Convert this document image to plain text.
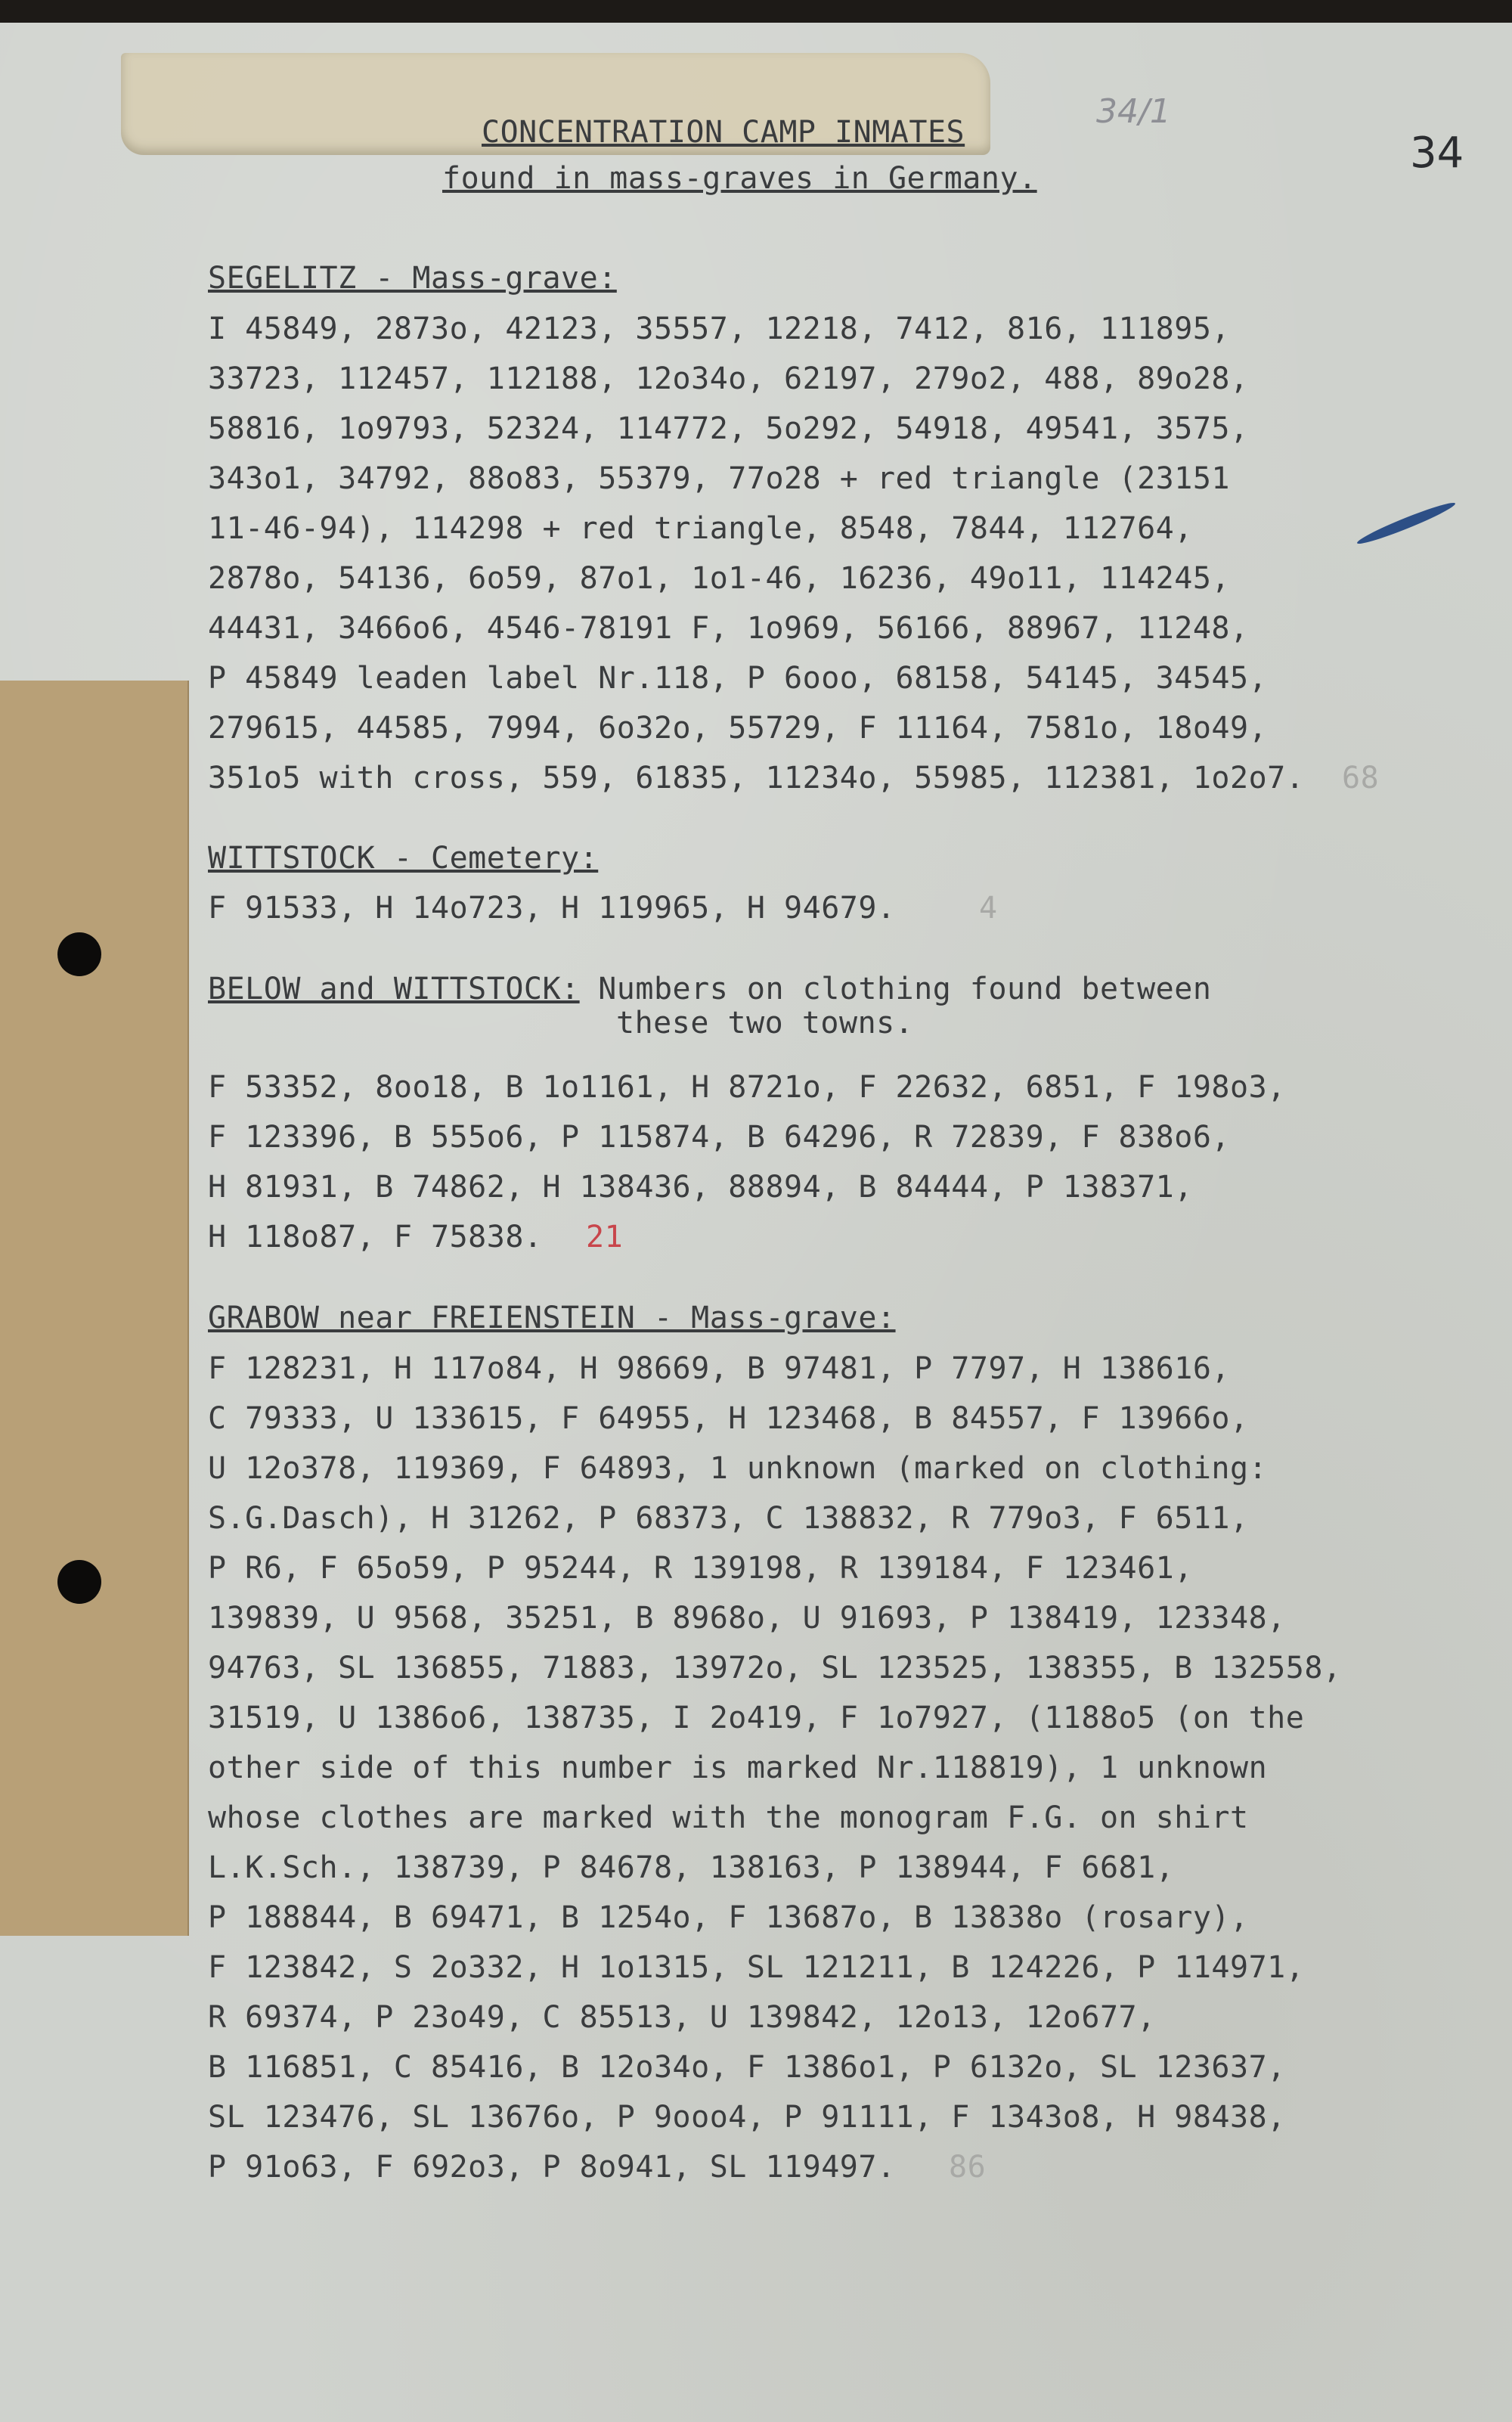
34/1
34

CONCENTRATION CAMP INMATES

found in mass-graves in Germany.

SEGELITZ - Mass-grave:

I 45849, 2873o, 42123, 35557, 12218, 7412, 816, 111895,

33723, 112457, 112188, 12o34o, 62197, 279o2, 488, 89o28,

58816, 1o9793, 52324, 114772, 5o292, 54918, 49541, 3575,

343o1, 34792, 88o83, 55379, 77o28 + red triangle (23151

11-46-94), 114298 + red triangle, 8548, 7844, 112764,

2878o, 54136, 6o59, 87o1, 1o1-46, 16236, 49o11, 114245,

44431, 3466o6, 4546-78191 F, 1o969, 56166, 88967, 11248,

P 45849 leaden label Nr.118, P 6ooo, 68158, 54145, 34545,

279615, 44585, 7994, 6o32o, 55729, F 11164, 7581o, 18o49,

351o5 with cross, 559, 61835, 11234o, 55985, 112381, 1o2o7.

68

WITTSTOCK - Cemetery:

F 91533, H 14o723, H 119965, H 94679.

	4

BELOW and WITTSTOCK: Numbers on clothing found between

these two towns.

F 53352, 8oo18, B 1o1161, H 8721o, F 22632, 6851, F 198o3,

F 123396, B 555o6, P 115874, B 64296, R 72839, F 838o6,

H 81931, B 74862, H 138436, 88894, B 84444, P 138371,

H 118o87, F 75838.

21

GRABOW near FREIENSTEIN - Mass-grave:

F 128231, H 117o84, H 98669, B 97481, P 7797, H 138616,

C 79333, U 133615, F 64955, H 123468, B 84557, F 13966o,

U 12o378, 119369, F 64893, 1 unknown (marked on clothing:

S.G.Dasch), H 31262, P 68373, C 138832, R 779o3, F 6511,

P R6, F 65o59, P 95244, R 139198, R 139184, F 123461,

139839, U 9568, 35251, B 8968o, U 91693, P 138419, 123348,

94763, SL 136855, 71883, 13972o, SL 123525, 138355, B 132558,

31519, U 1386o6, 138735, I 2o419, F 1o7927, (1188o5 (on the

other side of this number is marked Nr.118819), 1 unknown

whose clothes are marked with the monogram F.G. on shirt

L.K.Sch., 138739, P 84678, 138163, P 138944, F 6681,

P 188844, B 69471, B 1254o, F 13687o, B 13838o (rosary),

F 123842, S 2o332, H 1o1315, SL 121211, B 124226, P 114971,

R 69374, P 23o49, C 85513, U 139842, 12o13, 12o677,

B 116851, C 85416, B 12o34o, F 1386o1, P 6132o, SL 123637,

SL 123476, SL 13676o, P 9ooo4, P 91111, F 1343o8, H 98438,

P 91o63, F 692o3, P 8o941, SL 119497.

86
